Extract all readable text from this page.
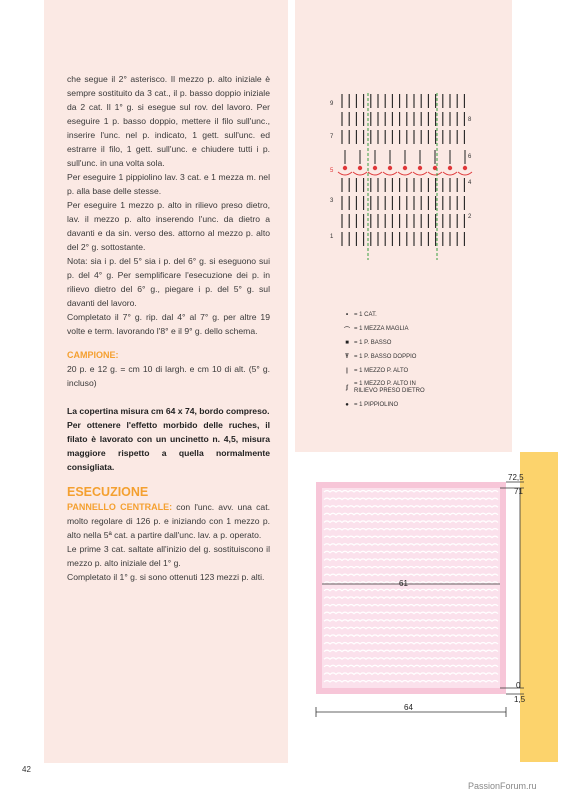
che segue il 2° asterisco. Il mezzo p. alto iniziale è sempre sostituito da 3 cat., il p. basso doppio iniziale da 2 cat. Il 1° g. si esegue sul rov. del lavoro. Per eseguire 1 p. basso doppio, mettere il filo sull'unc., inserire l'unc. nel p. indicato, 1 gett. sull'unc. ed estrarre il filo, 1 gett. sull'unc. e chiudere tutti i p. sull'unc. in una volta sola.

Per eseguire 1 pippiolino lav. 3 cat. e 1 mezza m. nel p. alla base delle stesse.

Per eseguire 1 mezzo p. alto in rilievo preso dietro, lav. il mezzo p. alto inserendo l'unc. da dietro a davanti e da sin. verso des. attorno al mezzo p. alto del 2° g. sottostante.

Nota: sia i p. del 5° sia i p. del 6° g. si eseguono sui p. del 4° g. Per semplificare l'esecuzione dei p. in rilievo dietro del 6° g., piegare i p. del 5° g. sul davanti del lavoro.

Completato il 7° g. rip. dal 4° al 7° g. per altre 19 volte e term. lavorando l'8° e il 9° g. dello schema.

CAMPIONE:

20 p. e 12 g. = cm 10 di largh. e cm 10 di alt. (5° g. incluso)

La copertina misura cm 64 x 74, bordo compreso.

Per ottenere l'effetto morbido delle ruches, il filato è lavorato con un uncinetto n. 4,5, misura maggiore rispetto a quella normalmente consigliata.

ESECUZIONE

PANNELLO CENTRALE: con l'unc. avv. una cat. molto regolare di 126 p. e iniziando con 1 mezzo p. alto nella 5ª cat. a partire dall'unc. lav. a p. operato.

Le prime 3 cat. saltate all'inizio del g. sostituiscono il mezzo p. alto iniziale del 1° g.

Completato il 1° g. si sono ottenuti 123 mezzi p. alti.

9
7
5
3
1
8
6
4
2
• = 1 CAT.
⌒ = 1 MEZZA MAGLIA
■ = 1 P. BASSO
Ŧ = 1 P. BASSO DOPPIO
|	= 1 MEZZO P. ALTO
∫
= 1 MEZZO P. ALTO IN RILIEVO PRESO DIETRO
● = 1 PIPPIOLINO
72,5
71
61
0
1,5
64
42
PassionForum.ru
